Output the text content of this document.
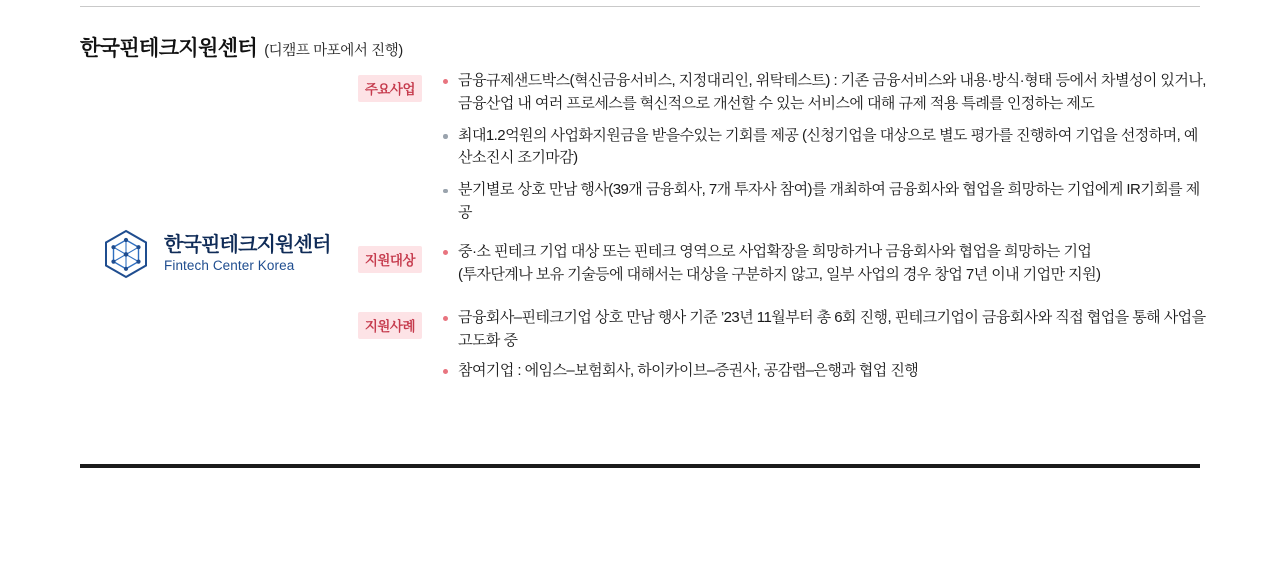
한국핀테크지원센터 (디캠프 마포에서 진행)
한국핀테크지원센터
Fintech Center Korea
주요사업
금융규제샌드박스(혁신금융서비스, 지정대리인, 위탁테스트) : 기존 금융서비스와 내용·방식·형태 등에서 차별성이 있거나, 금융산업 내 여러 프로세스를 혁신적으로 개선할 수 있는 서비스에 대해 규제 적용 특례를 인정하는 제도
최대1.2억원의 사업화지원금을 받을수있는 기회를 제공 (신청기업을 대상으로 별도 평가를 진행하여 기업을 선정하며, 예산소진시 조기마감)
분기별로 상호 만남 행사(39개 금융회사, 7개 투자사 참여)를 개최하여 금융회사와 협업을 희망하는 기업에게 IR기회를 제공
지원대상
중·소 핀테크 기업 대상 또는 핀테크 영역으로 사업확장을 희망하거나 금융회사와 협업을 희망하는 기업
(투자단계나 보유 기술등에 대해서는 대상을 구분하지 않고, 일부 사업의 경우 창업 7년 이내 기업만 지원)
지원사례
금융회사–핀테크기업 상호 만남 행사 기준 ’23년 11월부터 총 6회 진행, 핀테크기업이 금융회사와 직접 협업을 통해 사업을 고도화 중
참여기업 : 에임스–보험회사, 하이카이브–증권사, 공감랩–은행과 협업 진행
